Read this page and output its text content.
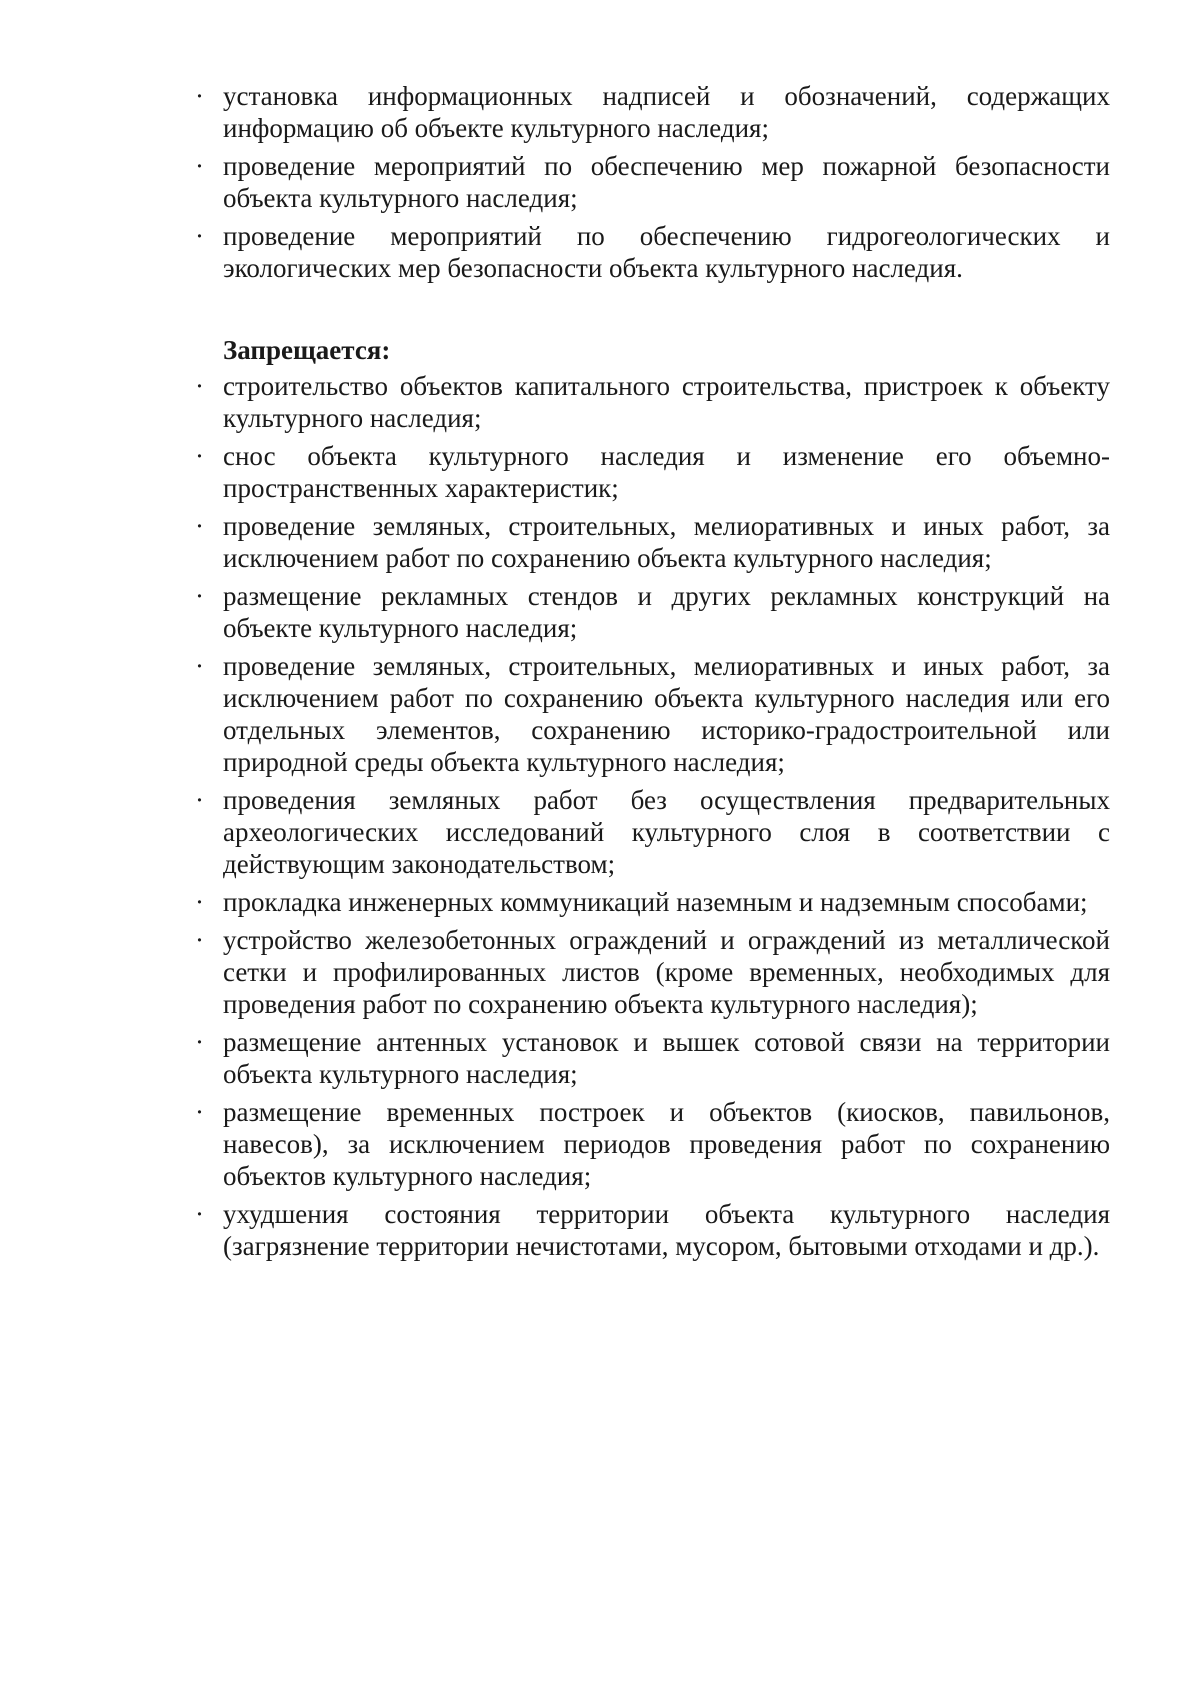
· установка информационных надписей и обозначений, содержащих информацию об объекте культурного наследия;
· проведение мероприятий по обеспечению мер пожарной безопасности объекта культурного наследия;
· проведение мероприятий по обеспечению гидрогеологических и экологических мер безопасности объекта культурного наследия.
Запрещается:
· строительство объектов капитального строительства, пристроек к объекту культурного наследия;
· снос объекта культурного наследия и изменение его объемно-пространственных характеристик;
· проведение земляных, строительных, мелиоративных и иных работ, за исключением работ по сохранению объекта культурного наследия;
· размещение рекламных стендов и других рекламных конструкций на объекте культурного наследия;
· проведение земляных, строительных, мелиоративных и иных работ, за исключением работ по сохранению объекта культурного наследия или его отдельных элементов, сохранению историко-градостроительной или природной среды объекта культурного наследия;
· проведения земляных работ без осуществления предварительных археологических исследований культурного слоя в соответствии с действующим законодательством;
· прокладка инженерных коммуникаций наземным и надземным способами;
· устройство железобетонных ограждений и ограждений из металлической сетки и профилированных листов (кроме временных, необходимых для проведения работ по сохранению объекта культурного наследия);
· размещение антенных установок и вышек сотовой связи на территории объекта культурного наследия;
· размещение временных построек и объектов (киосков, павильонов, навесов), за исключением периодов проведения работ по сохранению объектов культурного наследия;
· ухудшения состояния территории объекта культурного наследия (загрязнение территории нечистотами, мусором, бытовыми отходами и др.).
